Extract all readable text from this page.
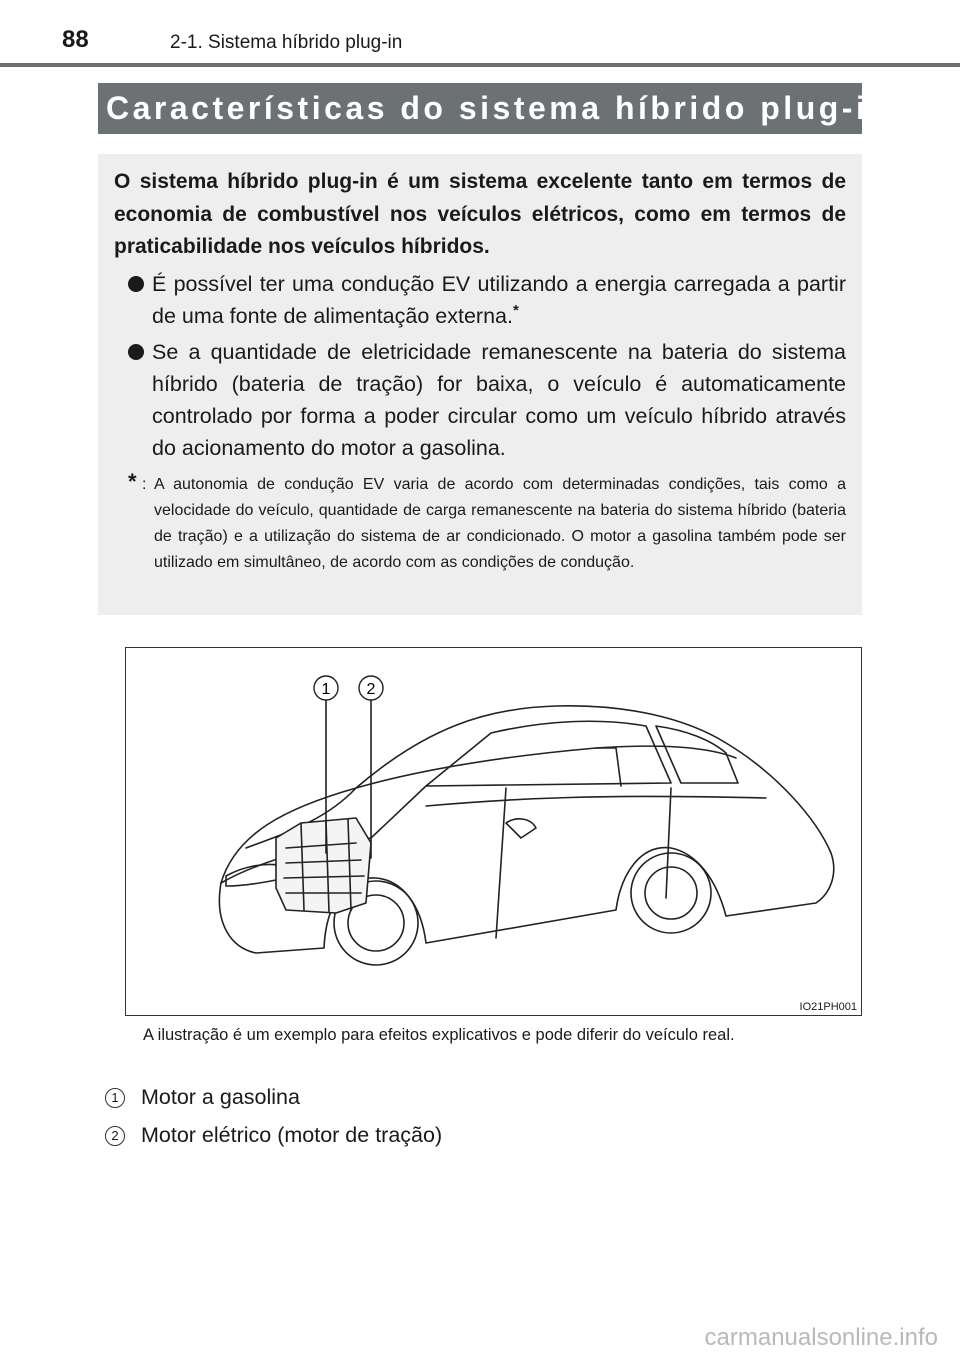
88	2-1. Sistema híbrido plug-in
Características do sistema híbrido plug-in

O sistema híbrido plug-in é um sistema excelente tanto em termos de economia de combustível nos veículos elétricos, como em termos de praticabilidade nos veículos híbridos.

É possível ter uma condução EV utilizando a energia carregada a partir de uma fonte de alimentação externa.*
Se a quantidade de eletricidade remanescente na bateria do sistema híbrido (bateria de tração) for baixa, o veículo é automaticamente controlado por forma a poder circular como um veículo híbrido através do acionamento do motor a gasolina.
* : A autonomia de condução EV varia de acordo com determinadas condições, tais como a velocidade do veículo, quantidade de carga remanescente na bateria do sistema híbrido (bateria de tração) e a utilização do sistema de ar condicionado. O motor a gasolina também pode ser utilizado em simultâneo, de acordo com as condições de condução.
1 2
IO21PH001
A ilustração é um exemplo para efeitos explicativos e pode diferir do veículo real.
1 Motor a gasolina
2 Motor elétrico (motor de tração)
carmanualsonline.info
